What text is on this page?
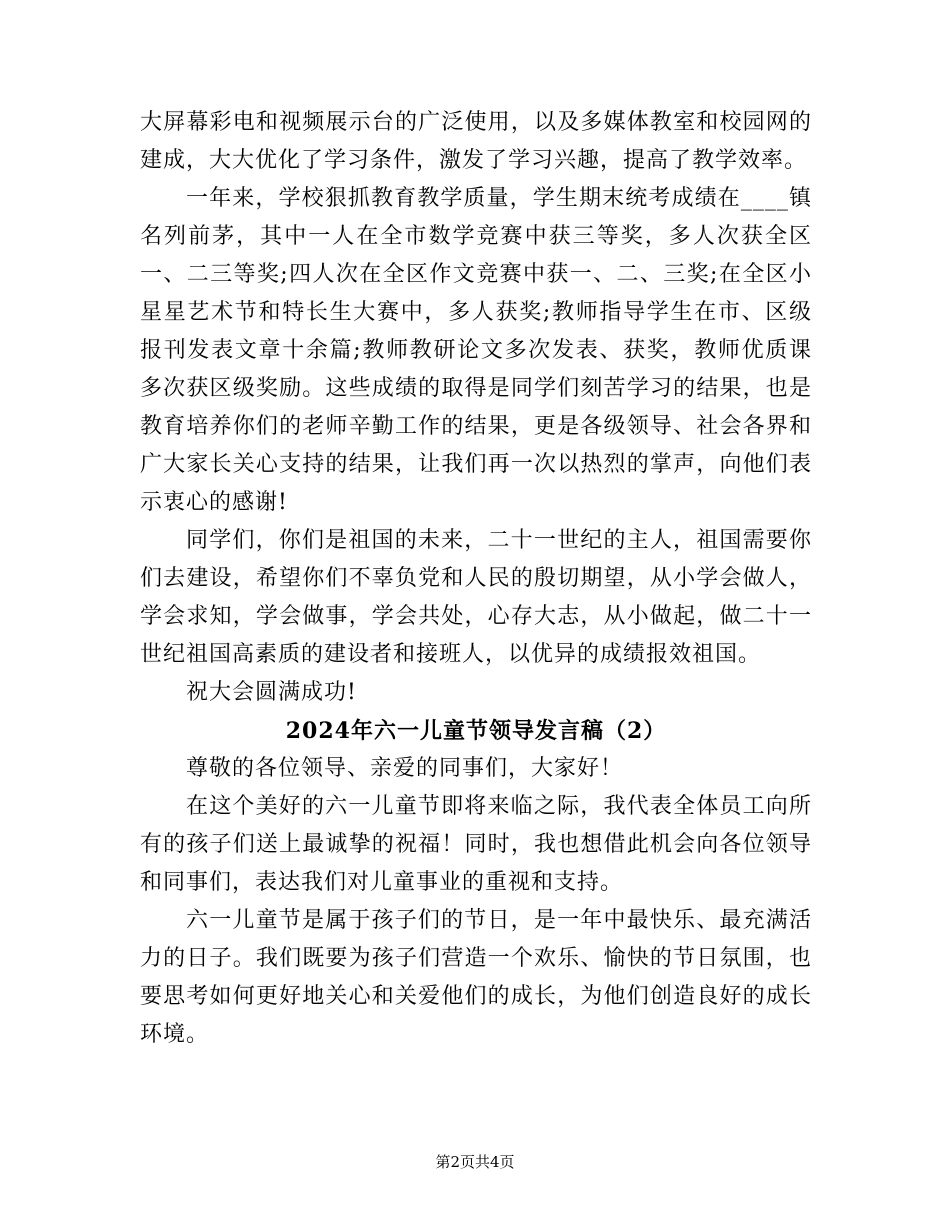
大屏幕彩电和视频展示台的广泛使用，以及多媒体教室和校园网的建成，大大优化了学习条件，激发了学习兴趣，提高了教学效率。

一年来，学校狠抓教育教学质量，学生期末统考成绩在____镇名列前茅，其中一人在全市数学竞赛中获三等奖，多人次获全区一、二三等奖;四人次在全区作文竞赛中获一、二、三奖;在全区小星星艺术节和特长生大赛中，多人获奖;教师指导学生在市、区级报刊发表文章十余篇;教师教研论文多次发表、获奖，教师优质课多次获区级奖励。这些成绩的取得是同学们刻苦学习的结果，也是教育培养你们的老师辛勤工作的结果，更是各级领导、社会各界和广大家长关心支持的结果，让我们再一次以热烈的掌声，向他们表示衷心的感谢!

同学们，你们是祖国的未来，二十一世纪的主人，祖国需要你们去建设，希望你们不辜负党和人民的殷切期望，从小学会做人，学会求知，学会做事，学会共处，心存大志，从小做起，做二十一世纪祖国高素质的建设者和接班人，以优异的成绩报效祖国。

祝大会圆满成功!

2024年六一儿童节领导发言稿（2）

尊敬的各位领导、亲爱的同事们，大家好！

在这个美好的六一儿童节即将来临之际，我代表全体员工向所有的孩子们送上最诚挚的祝福！同时，我也想借此机会向各位领导和同事们，表达我们对儿童事业的重视和支持。

六一儿童节是属于孩子们的节日，是一年中最快乐、最充满活力的日子。我们既要为孩子们营造一个欢乐、愉快的节日氛围，也要思考如何更好地关心和关爱他们的成长，为他们创造良好的成长环境。

第2页共4页
